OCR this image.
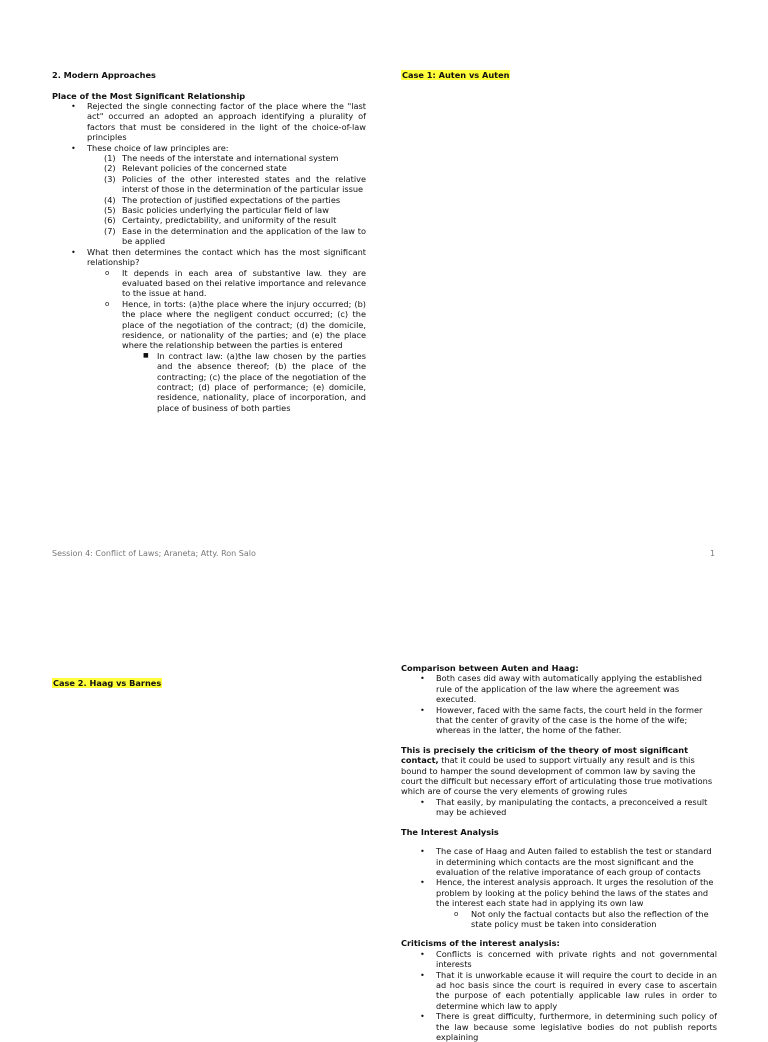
2. Modern Approaches
Place of the Most Significant Relationship
• Rejected the single connecting factor of the place where the "last act" occurred an adopted an approach identifying a plurality of factors that must be considered in the light of the choice-of-law principles
• These choice of law principles are:
(1) The needs of the interstate and international system
(2) Relevant policies of the concerned state
(3) Policies of the other interested states and the relative interst of those in the determination of the particular issue
(4) The protection of justified expectations of the parties
(5) Basic policies underlying the particular field of law
(6) Certainty, predictability, and uniformity of the result
(7) Ease in the determination and the application of the law to be applied
• What then determines the contact which has the most significant relationship?
o It depends in each area of substantive law. they are evaluated based on thei relative importance and relevance to the issue at hand.
o Hence, in torts: (a)the place where the injury occurred; (b) the place where the negligent conduct occurred; (c) the place of the negotiation of the contract; (d) the domicile, residence, or nationality of the parties; and (e) the place where the relationship between the parties is entered
■ In contract law: (a)the law chosen by the parties and the absence thereof; (b) the place of the contracting; (c) the place of the negotiation of the contract; (d) place of performance; (e) domicile, residence, nationality, place of incorporation, and place of business of both parties
Case 1: Auten vs Auten
Session 4: Conflict of Laws; Araneta; Atty. Ron Salo	1
Case 2. Haag vs Barnes
Comparison between Auten and Haag:
• Both cases did away with automatically applying the established rule of the application of the law where the agreement was executed.
• However, faced with the same facts, the court held in the former that the center of gravity of the case is the home of the wife; whereas in the latter, the home of the father.
This is precisely the criticism of the theory of most significant contact, that it could be used to support virtually any result and is this bound to hamper the sound development of common law by saving the court the difficult but necessary effort of articulating those true motivations which are of course the very elements of growing rules
• That easily, by manipulating the contacts, a preconceived a result may be achieved
The Interest Analysis
• The case of Haag and Auten failed to establish the test or standard in determining which contacts are the most significant and the evaluation of the relative imporatance of each group of contacts
• Hence, the interest analysis approach. It urges the resolution of the problem by looking at the policy behind the laws of the states and the interest each state had in applying its own law
o Not only the factual contacts but also the reflection of the state policy must be taken into consideration
Criticisms of the interest analysis:
• Conflicts is concerned with private rights and not governmental interests
• That it is unworkable ecause it will require the court to decide in an ad hoc basis since the court is required in every case to ascertain the purpose of each potentially applicable law rules in order to determine which law to apply
• There is great difficulty, furthermore, in determining such policy of the law because some legislative bodies do not publish reports explaining
